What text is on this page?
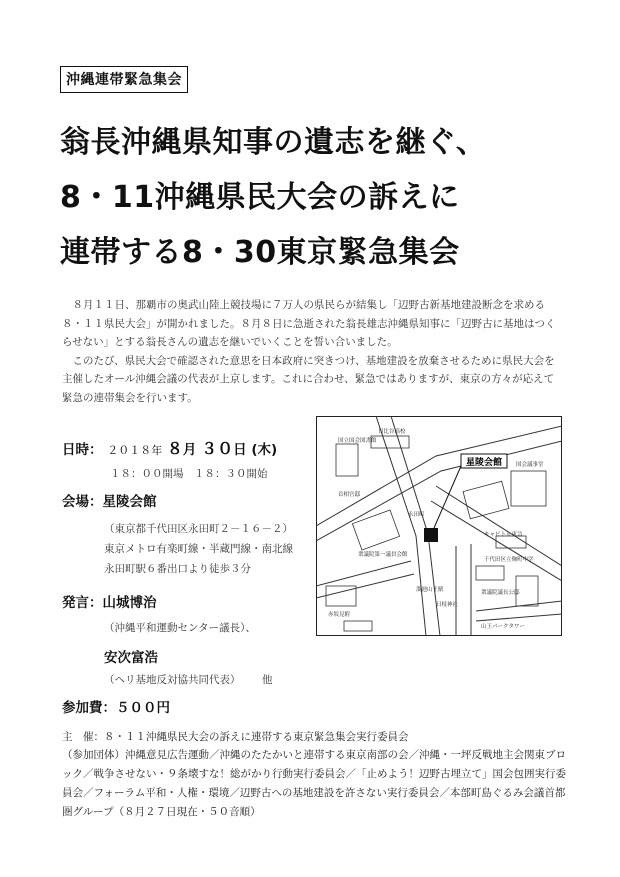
沖縄連帯緊急集会
翁長沖縄県知事の遺志を継ぐ、
8・11沖縄県民大会の訴えに
連帯する8・30東京緊急集会

８月１１日、那覇市の奥武山陸上競技場に７万人の県民らが結集し「辺野古新基地建設断念を求める８・１１県民大会」が開かれました。８月８日に急逝された翁長雄志沖縄県知事に「辺野古に基地はつくらせない」とする翁長さんの遺志を継いでいくことを誓い合いました。

このたび、県民大会で確認された意思を日本政府に突きつけ、基地建設を放棄させるために県民大会を主催したオール沖縄会議の代表が上京します。これに合わせ、緊急ではありますが、東京の方々が応えて緊急の連帯集会を行います。

日時： ２０１８年 ８月 ３０日 (木)
１８：００開場　１８：３０開始
会場：星陵会館
（東京都千代田区永田町２－１６－２）
東京メトロ有楽町線・半蔵門線・南北線
永田町駅６番出口より徒歩３分
発言：山城博治
（沖縄平和運動センター議長）、
安次富浩
（ヘリ基地反対協共同代表） 他
参加費：５００円
主　催：８・１１沖縄県民大会の訴えに連帯する東京緊急集会実行委員会
（参加団体）沖縄意見広告運動／沖縄のたたかいと連帯する東京南部の会／沖縄・一坪反戦地主会関東ブロック／戦争させない・９条壊すな！総がかり行動実行委員会／「止めよう！辺野古埋立て」国会包囲実行委員会／フォーラム平和・人権・環境／辺野古への基地建設を許さない実行委員会／本部町島ぐるみ会議首都圏グループ（８月２７日現在・５０音順）
星陵会館
国立国会図書館
日比谷高校
首相官邸
国会議事堂
衆議院第一議員会館
溜池山王駅
赤坂見附
山王パークタワー
衆議院議長公邸
日枝神社
キャピトル東急
千代田区立麹町中学
永田町
